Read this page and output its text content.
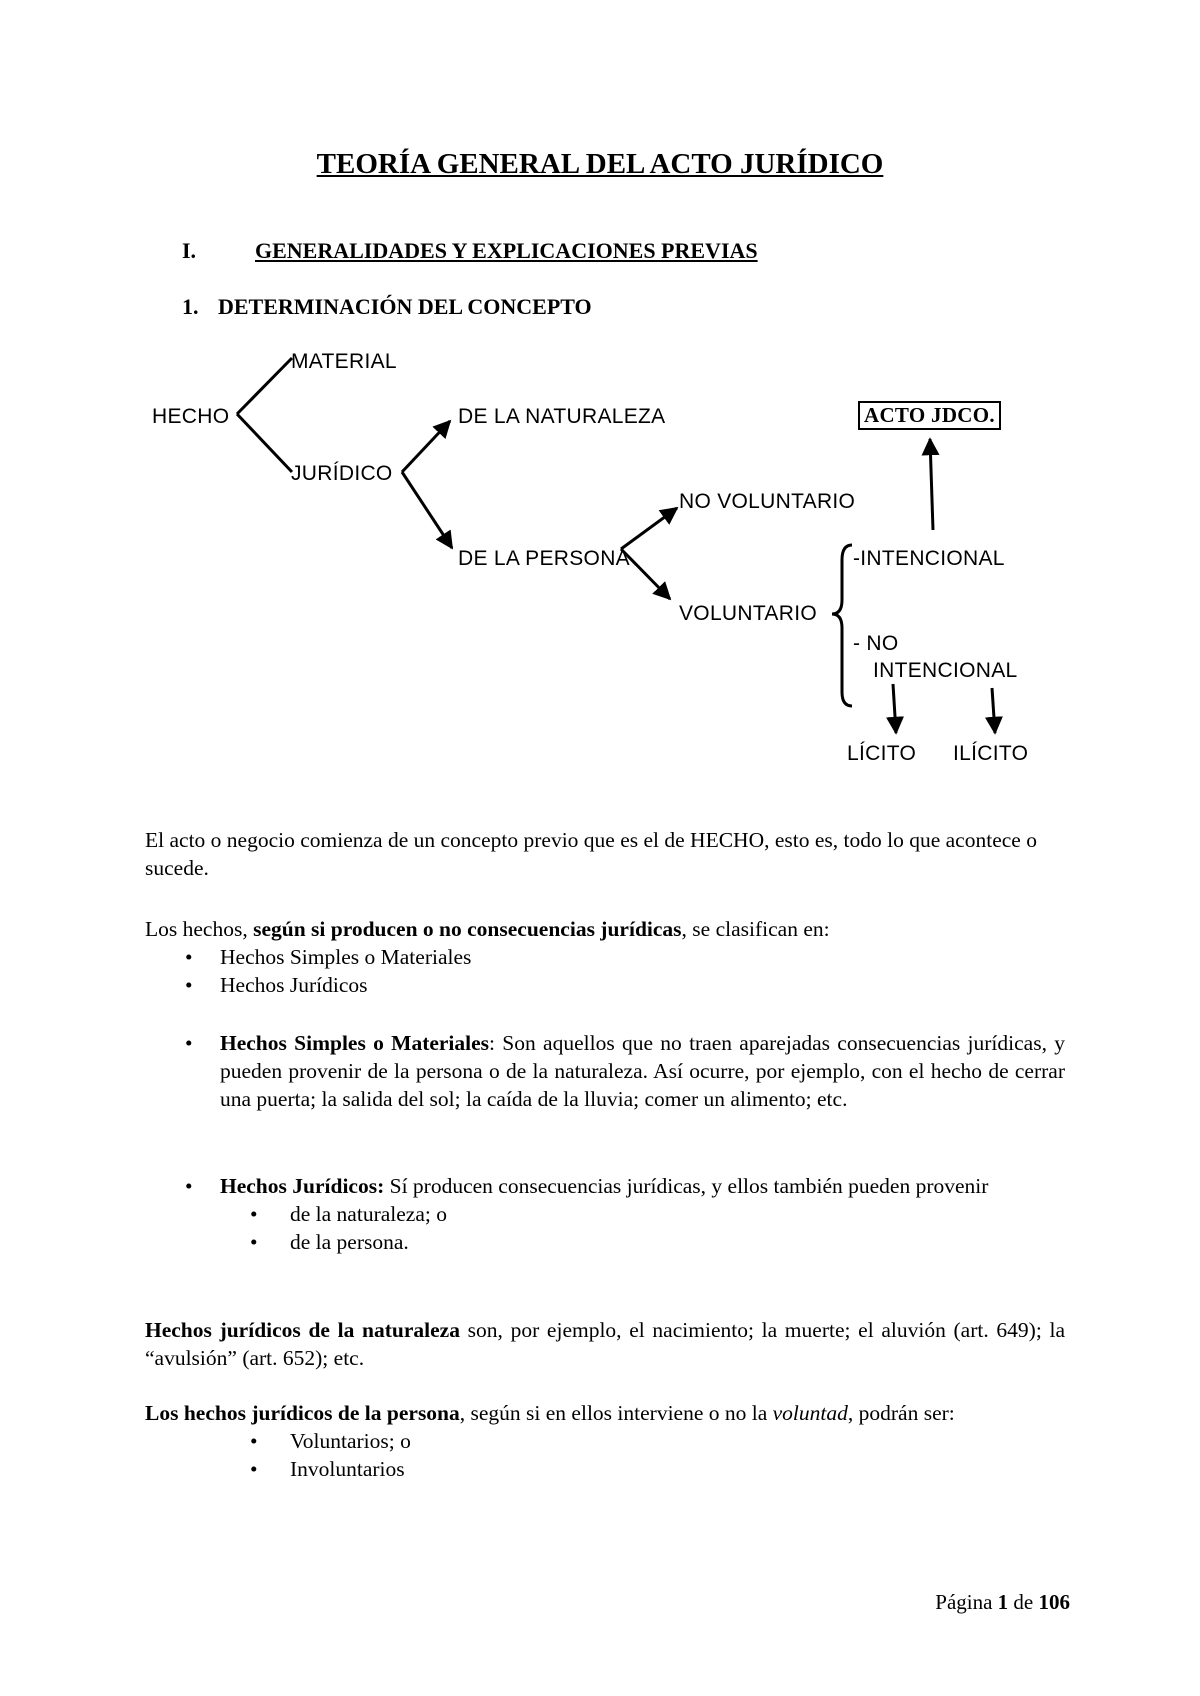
TEORÍA GENERAL DEL ACTO JURÍDICO
I.	GENERALIDADES Y EXPLICACIONES PREVIAS
1. DETERMINACIÓN DEL CONCEPTO
HECHO
MATERIAL
JURÍDICO
DE LA NATURALEZA
DE LA PERSONA
NO VOLUNTARIO
VOLUNTARIO
-INTENCIONAL
- NO
INTENCIONAL
ACTO JDCO.
LÍCITO ILÍCITO
El acto o negocio comienza de un concepto previo que es el de HECHO, esto es, todo lo que acontece o sucede.
Los hechos, según si producen o no consecuencias jurídicas, se clasifican en:
• Hechos Simples o Materiales
• Hechos Jurídicos
• Hechos Simples o Materiales: Son aquellos que no traen aparejadas consecuencias jurídicas, y pueden provenir de la persona o de la naturaleza. Así ocurre, por ejemplo, con el hecho de cerrar una puerta; la salida del sol; la caída de la lluvia; comer un alimento; etc.
• Hechos Jurídicos: Sí producen consecuencias jurídicas, y ellos también pueden provenir
• de la naturaleza; o
• de la persona.
Hechos jurídicos de la naturaleza son, por ejemplo, el nacimiento; la muerte; el aluvión (art. 649); la “avulsión” (art. 652); etc.
Los hechos jurídicos de la persona, según si en ellos interviene o no la voluntad, podrán ser:
• Voluntarios; o
• Involuntarios
Página 1 de 106
